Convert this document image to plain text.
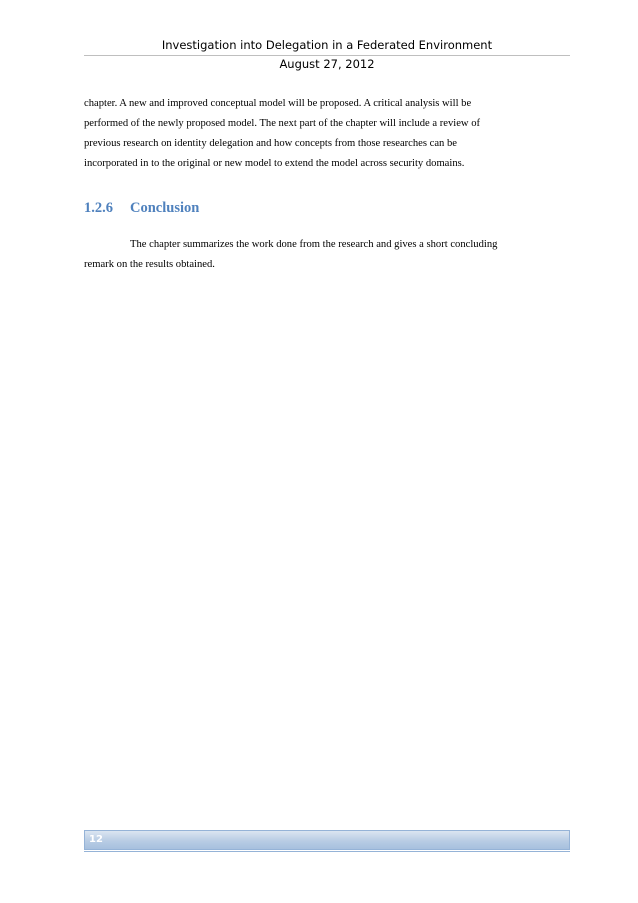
Investigation into Delegation in a Federated Environment
August 27, 2012

chapter. A new and improved conceptual model will be proposed. A critical analysis will be
performed of the newly proposed model. The next part of the chapter will include a review of
previous research on identity delegation and how concepts from those researches can be
incorporated in to the original or new model to extend the model across security domains.

1.2.6 Conclusion

The chapter summarizes the work done from the research and gives a short concluding
remark on the results obtained.

12
